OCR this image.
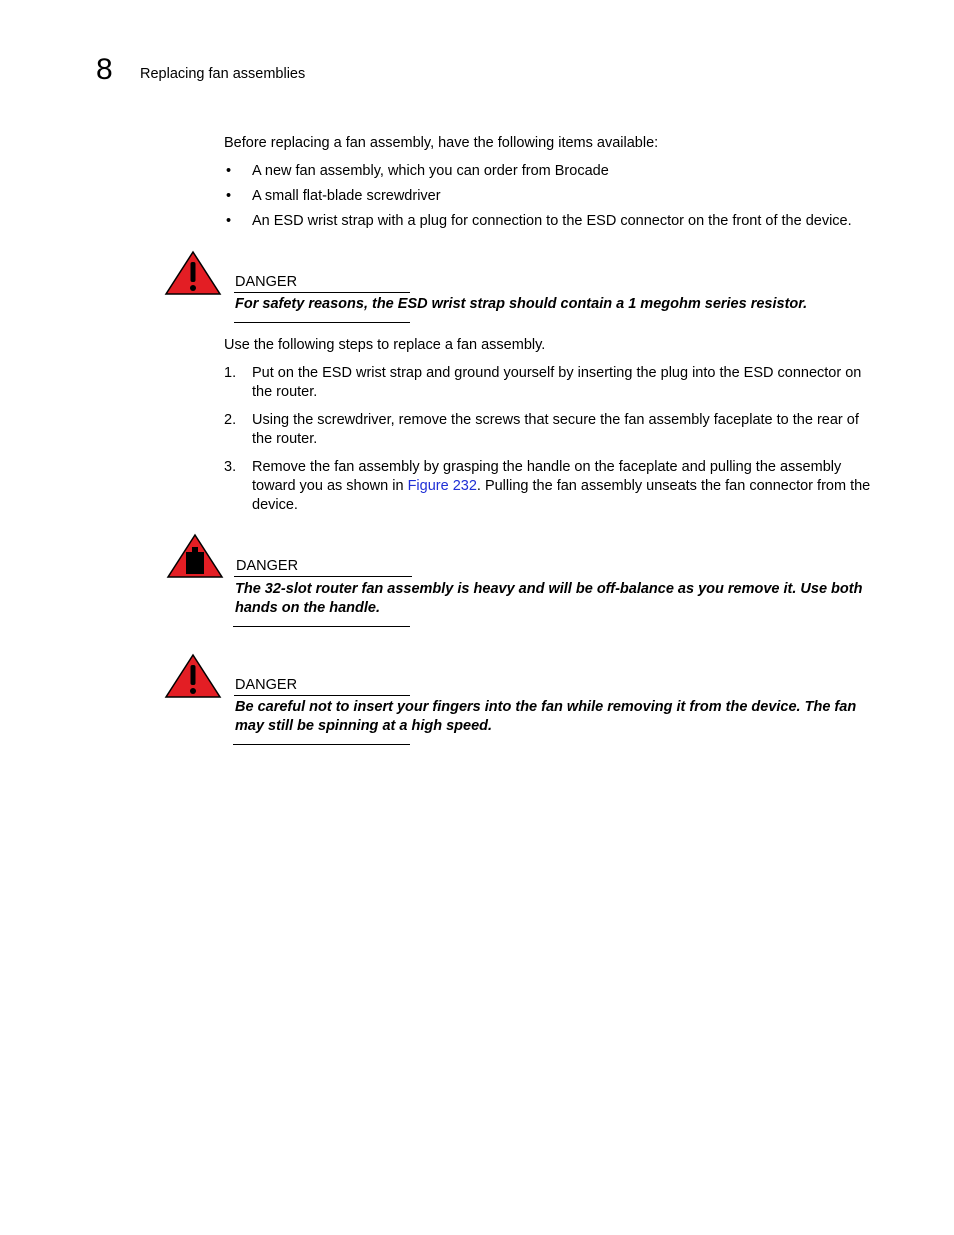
8 Replacing fan assemblies
Before replacing a fan assembly, have the following items available:
• A new fan assembly, which you can order from Brocade
• A small flat-blade screwdriver
• An ESD wrist strap with a plug for connection to the ESD connector on the front of the device.
DANGER
For safety reasons, the ESD wrist strap should contain a 1 megohm series resistor.
Use the following steps to replace a fan assembly.
1. Put on the ESD wrist strap and ground yourself by inserting the plug into the ESD connector on the router.
2. Using the screwdriver, remove the screws that secure the fan assembly faceplate to the rear of the router.
3. Remove the fan assembly by grasping the handle on the faceplate and pulling the assembly toward you as shown in Figure 232. Pulling the fan assembly unseats the fan connector from the device.
DANGER
The 32-slot router fan assembly is heavy and will be off-balance as you remove it. Use both hands on the handle.
DANGER
Be careful not to insert your fingers into the fan while removing it from the device. The fan may still be spinning at a high speed.
